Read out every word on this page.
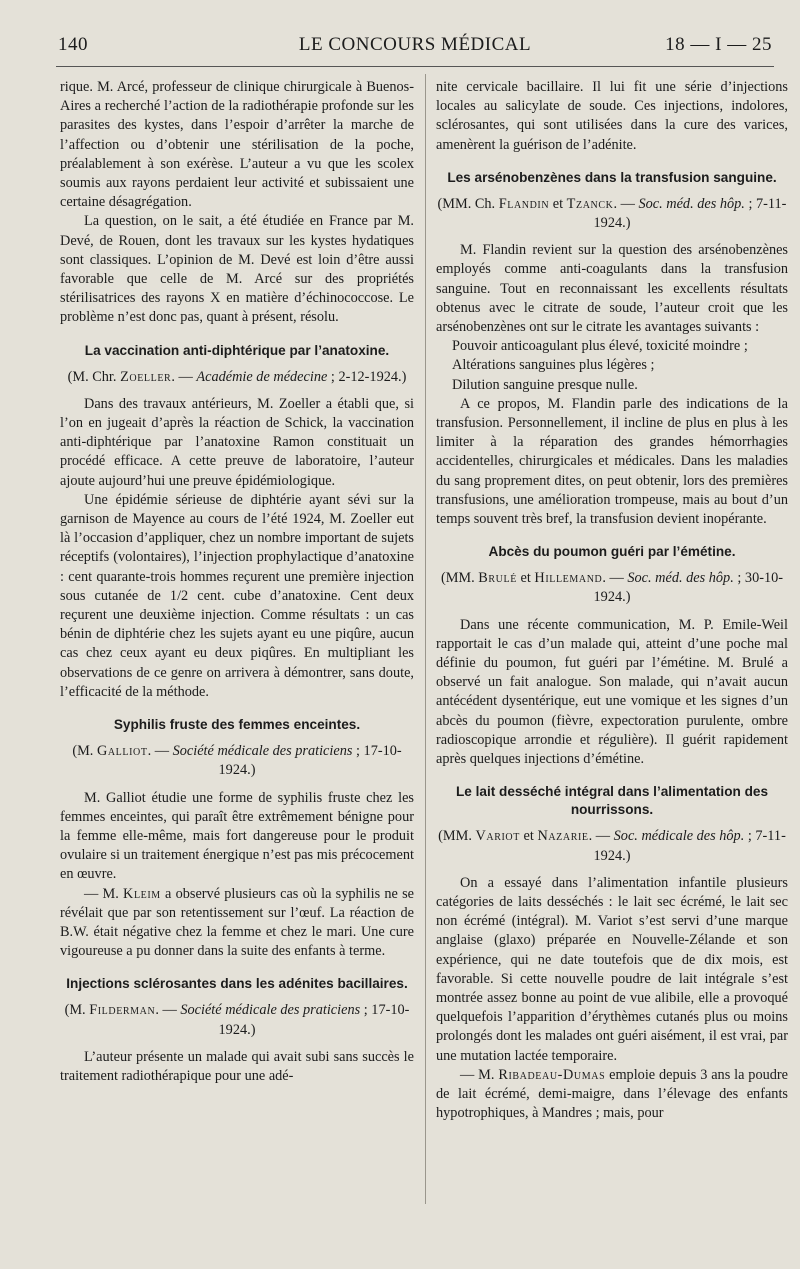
140	LE CONCOURS MÉDICAL	18 — I — 25

rique. M. Arcé, professeur de clinique chirurgicale à Buenos-Aires a recherché l’action de la radiothérapie profonde sur les parasites des kystes, dans l’espoir d’arrêter la marche de l’affection ou d’obtenir une stérilisation de la poche, préalablement à son exérèse. L’auteur a vu que les scolex soumis aux rayons perdaient leur activité et subissaient une certaine désagrégation.

La question, on le sait, a été étudiée en France par M. Devé, de Rouen, dont les travaux sur les kystes hydatiques sont classiques. L’opinion de M. Devé est loin d’être aussi favorable que celle de M. Arcé sur des propriétés stérilisatrices des rayons X en matière d’échinococcose. Le problème n’est donc pas, quant à présent, résolu.

La vaccination anti-diphtérique par l’anatoxine.

(M. Chr. Zoeller. — Académie de médecine ; 2-12-1924.)

Dans des travaux antérieurs, M. Zoeller a établi que, si l’on en jugeait d’après la réaction de Schick, la vaccination anti-diphtérique par l’anatoxine Ramon constituait un procédé efficace. A cette preuve de laboratoire, l’auteur ajoute aujourd’hui une preuve épidémiologique.

Une épidémie sérieuse de diphtérie ayant sévi sur la garnison de Mayence au cours de l’été 1924, M. Zoeller eut là l’occasion d’appliquer, chez un nombre important de sujets réceptifs (volontaires), l’injection prophylactique d’anatoxine : cent quarante-trois hommes reçurent une première injection sous cutanée de 1/2 cent. cube d’anatoxine. Cent deux reçurent une deuxième injection. Comme résultats : un cas bénin de diphtérie chez les sujets ayant eu une piqûre, aucun cas chez ceux ayant eu deux piqûres. En multipliant les observations de ce genre on arrivera à démontrer, sans doute, l’efficacité de la méthode.

Syphilis fruste des femmes enceintes.

(M. Galliot. — Société médicale des praticiens ; 17-10-1924.)

M. Galliot étudie une forme de syphilis fruste chez les femmes enceintes, qui paraît être extrêmement bénigne pour la femme elle-même, mais fort dangereuse pour le produit ovulaire si un traitement énergique n’est pas mis précocement en œuvre.

— M. Kleim a observé plusieurs cas où la syphilis ne se révélait que par son retentissement sur l’œuf. La réaction de B.W. était négative chez la femme et chez le mari. Une cure vigoureuse a pu donner dans la suite des enfants à terme.

Injections sclérosantes dans les adénites bacillaires.

(M. Filderman. — Société médicale des praticiens ; 17-10-1924.)

L’auteur présente un malade qui avait subi sans succès le traitement radiothérapique pour une adé-

nite cervicale bacillaire. Il lui fit une série d’injections locales au salicylate de soude. Ces injections, indolores, sclérosantes, qui sont utilisées dans la cure des varices, amenèrent la guérison de l’adénite.

Les arsénobenzènes dans la transfusion sanguine.

(MM. Ch. Flandin et Tzanck. — Soc. méd. des hôp. ; 7-11-1924.)

M. Flandin revient sur la question des arsénobenzènes employés comme anti-coagulants dans la transfusion sanguine. Tout en reconnaissant les excellents résultats obtenus avec le citrate de soude, l’auteur croit que les arsénobenzènes ont sur le citrate les avantages suivants :

Pouvoir anticoagulant plus élevé, toxicité moindre ;

Altérations sanguines plus légères ;

Dilution sanguine presque nulle.

A ce propos, M. Flandin parle des indications de la transfusion. Personnellement, il incline de plus en plus à les limiter à la réparation des grandes hémorrhagies accidentelles, chirurgicales et médicales. Dans les maladies du sang proprement dites, on peut obtenir, lors des premières transfusions, une amélioration trompeuse, mais au bout d’un temps souvent très bref, la transfusion devient inopérante.

Abcès du poumon guéri par l’émétine.

(MM. Brulé et Hillemand. — Soc. méd. des hôp. ; 30-10-1924.)

Dans une récente communication, M. P. Emile-Weil rapportait le cas d’un malade qui, atteint d’une poche mal définie du poumon, fut guéri par l’émétine. M. Brulé a observé un fait analogue. Son malade, qui n’avait aucun antécédent dysentérique, eut une vomique et les signes d’un abcès du poumon (fièvre, expectoration purulente, ombre radioscopique arrondie et régulière). Il guérit rapidement après quelques injections d’émétine.

Le lait desséché intégral dans l’alimentation des nourrissons.

(MM. Variot et Nazarie. — Soc. médicale des hôp. ; 7-11-1924.)

On a essayé dans l’alimentation infantile plusieurs catégories de laits desséchés : le lait sec écrémé, le lait sec non écrémé (intégral). M. Variot s’est servi d’une marque anglaise (glaxo) préparée en Nouvelle-Zélande et son expérience, qui ne date toutefois que de dix mois, est favorable. Si cette nouvelle poudre de lait intégrale s’est montrée assez bonne au point de vue alibile, elle a provoqué quelquefois l’apparition d’érythèmes cutanés plus ou moins prolongés dont les malades ont guéri aisément, il est vrai, par une mutation lactée temporaire.

— M. Ribadeau-Dumas emploie depuis 3 ans la poudre de lait écrémé, demi-maigre, dans l’élevage des enfants hypotrophiques, à Mandres ; mais, pour
